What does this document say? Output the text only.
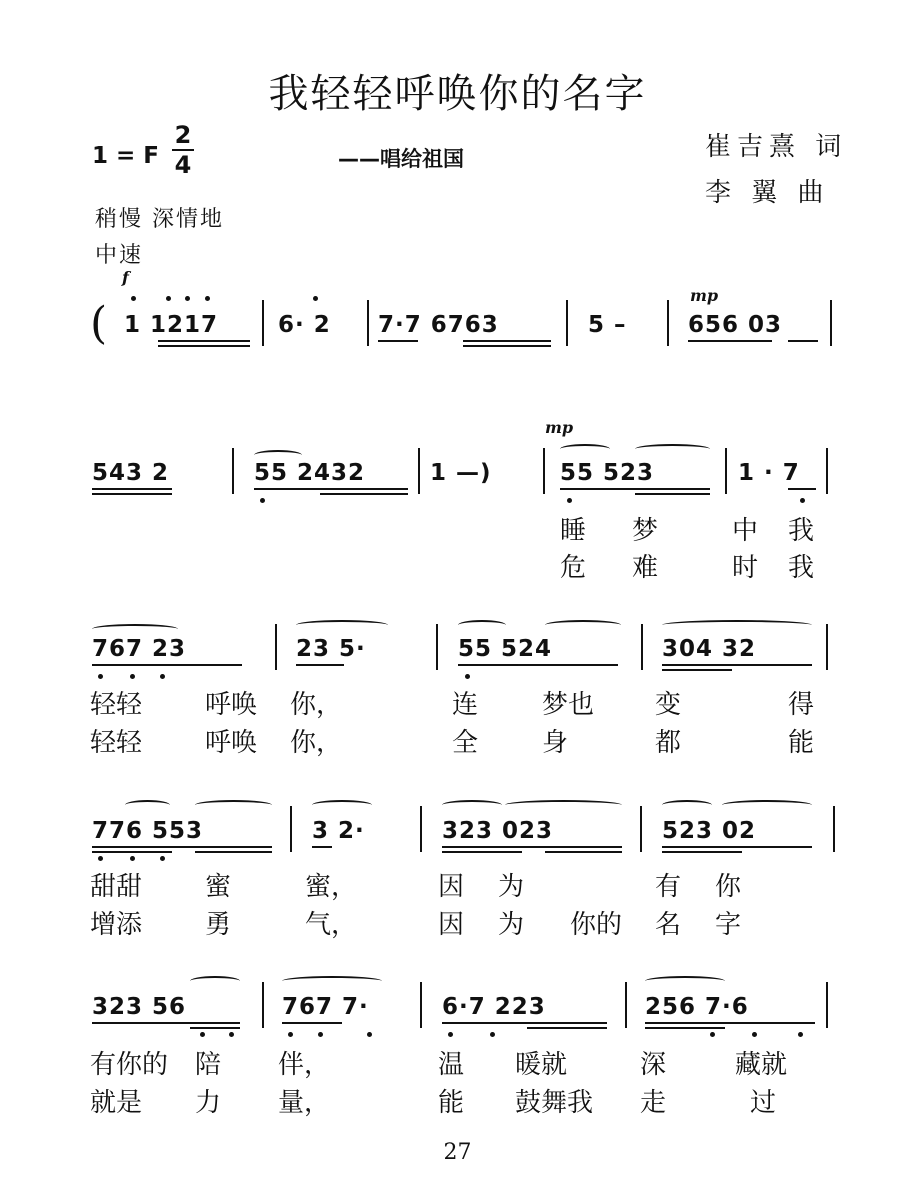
我轻轻呼唤你的名字
1 = F
2
4	——唱给祖国	崔吉熹 词
李 翼 曲
稍慢 深情地
中速
f
mp
( 1 1217	6· 2 7·7 6763	5 –	656 03
mp
543 2	55 2432	1 —)	55 523	1 · 7
睡 梦	中 我
危 难	时 我
767 23	23 5·	55 524	304 32
轻轻 呼唤 你，	连 梦也 变	得
轻轻 呼唤 你，	全 身	都	能
776 553	3 2·	323 023	523 02
甜甜 蜜	蜜，	因 为	有 你
增添 勇	气，	因 为 你的 名 字
323 56	767 7·	6·7 223	256 7·6
有你的 陪 伴，	温 暖就	深	藏就
就是 力 量，	能 鼓舞我 走	过
27
